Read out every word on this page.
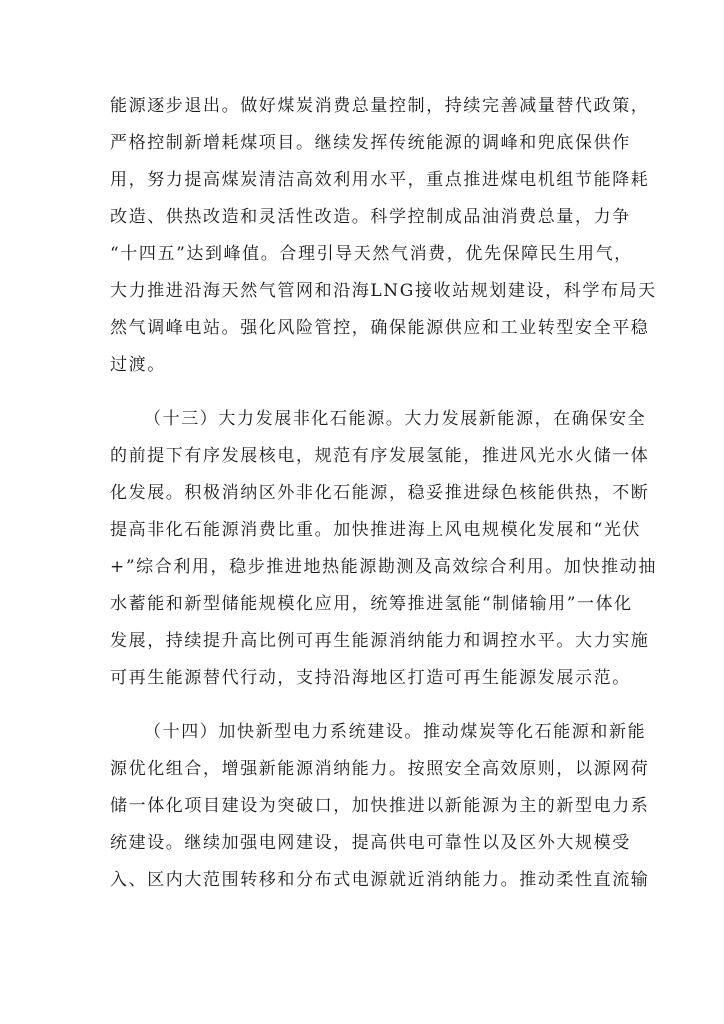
能源逐步退出。做好煤炭消费总量控制，持续完善减量替代政策，
严格控制新增耗煤项目。继续发挥传统能源的调峰和兜底保供作
用，努力提高煤炭清洁高效利用水平，重点推进煤电机组节能降耗
改造、供热改造和灵活性改造。科学控制成品油消费总量，力争
“十四五”达到峰值。合理引导天然气消费，优先保障民生用气，
大力推进沿海天然气管网和沿海LNG接收站规划建设，科学布局天
然气调峰电站。强化风险管控，确保能源供应和工业转型安全平稳
过渡。
（十三）大力发展非化石能源。大力发展新能源，在确保安全
的前提下有序发展核电，规范有序发展氢能，推进风光水火储一体
化发展。积极消纳区外非化石能源，稳妥推进绿色核能供热，不断
提高非化石能源消费比重。加快推进海上风电规模化发展和“光伏
+”综合利用，稳步推进地热能源勘测及高效综合利用。加快推动抽
水蓄能和新型储能规模化应用，统筹推进氢能“制储输用”一体化
发展，持续提升高比例可再生能源消纳能力和调控水平。大力实施
可再生能源替代行动，支持沿海地区打造可再生能源发展示范。
（十四）加快新型电力系统建设。推动煤炭等化石能源和新能
源优化组合，增强新能源消纳能力。按照安全高效原则，以源网荷
储一体化项目建设为突破口，加快推进以新能源为主的新型电力系
统建设。继续加强电网建设，提高供电可靠性以及区外大规模受
入、区内大范围转移和分布式电源就近消纳能力。推动柔性直流输
